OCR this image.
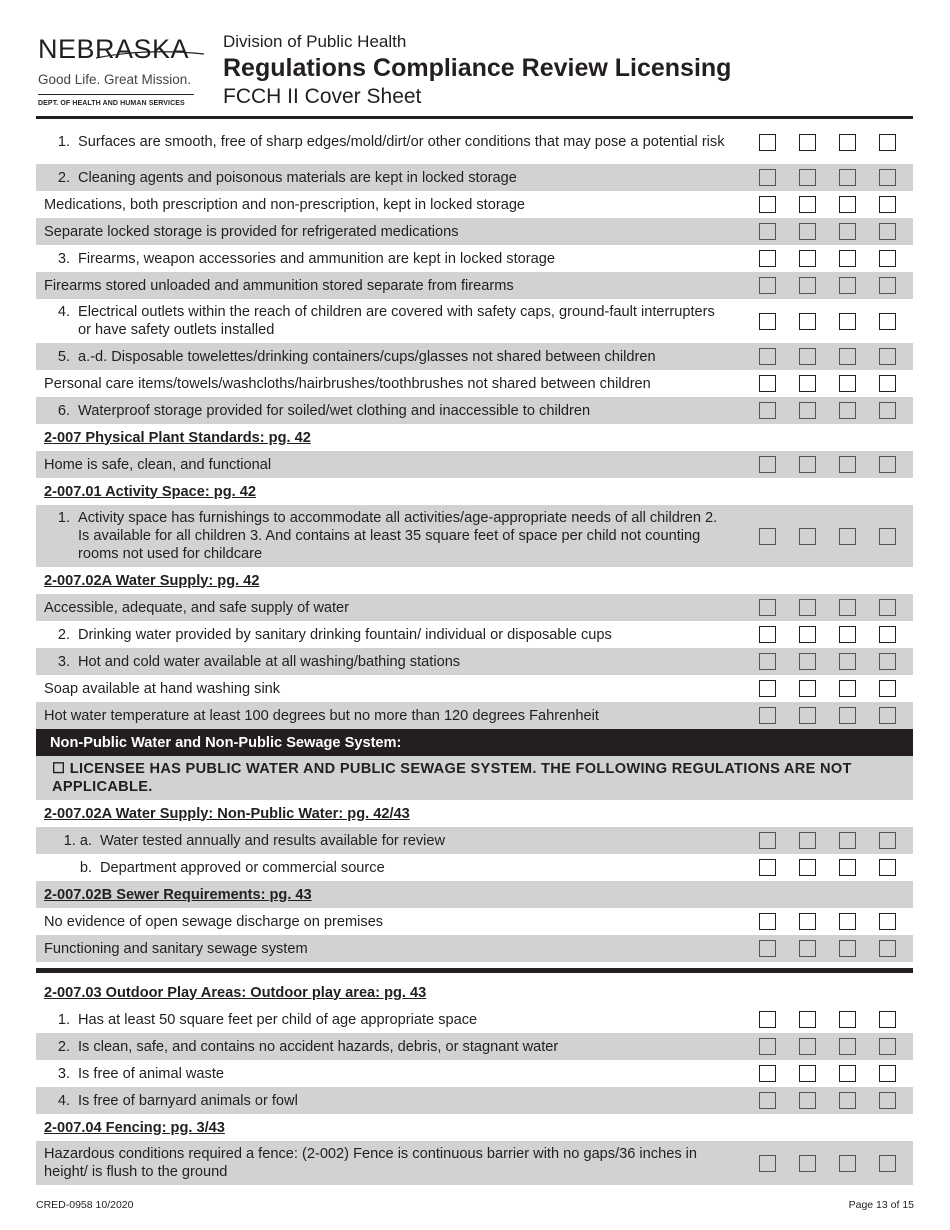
NEBRASKA
Good Life. Great Mission.
DEPT. OF HEALTH AND HUMAN SERVICES
Division of Public Health
Regulations Compliance Review Licensing
FCCH II Cover Sheet
1. Surfaces are smooth, free of sharp edges/mold/dirt/or other conditions that may pose a potential risk
2. Cleaning agents and poisonous materials are kept in locked storage
Medications, both prescription and non-prescription, kept in locked storage
Separate locked storage is provided for refrigerated medications
3. Firearms, weapon accessories and ammunition are kept in locked storage
Firearms stored unloaded and ammunition stored separate from firearms
4. Electrical outlets within the reach of children are covered with safety caps, ground-fault interrupters or have safety outlets installed
5. a.-d. Disposable towelettes/drinking containers/cups/glasses not shared between children
Personal care items/towels/washcloths/hairbrushes/toothbrushes not shared between children
6. Waterproof storage provided for soiled/wet clothing and inaccessible to children
2-007 Physical Plant Standards: pg. 42
Home is safe, clean, and functional
2-007.01 Activity Space: pg. 42
1. Activity space has furnishings to accommodate all activities/age-appropriate needs of all children 2. Is available for all children 3. And contains at least 35 square feet of space per child not counting rooms not used for childcare
2-007.02A Water Supply: pg. 42
Accessible, adequate, and safe supply of water
2. Drinking water provided by sanitary drinking fountain/ individual or disposable cups
3. Hot and cold water available at all washing/bathing stations
Soap available at hand washing sink
Hot water temperature at least 100 degrees but no more than 120 degrees Fahrenheit
Non-Public Water and Non-Public Sewage System:
☐ LICENSEE HAS PUBLIC WATER AND PUBLIC SEWAGE SYSTEM. THE FOLLOWING REGULATIONS ARE NOT APPLICABLE.
2-007.02A Water Supply: Non-Public Water: pg. 42/43
1. a. Water tested annually and results available for review
b. Department approved or commercial source
2-007.02B Sewer Requirements: pg. 43
No evidence of open sewage discharge on premises
Functioning and sanitary sewage system
2-007.03 Outdoor Play Areas: Outdoor play area: pg. 43
1. Has at least 50 square feet per child of age appropriate space
2. Is clean, safe, and contains no accident hazards, debris, or stagnant water
3. Is free of animal waste
4. Is free of barnyard animals or fowl
2-007.04 Fencing: pg. 3/43
Hazardous conditions required a fence: (2-002) Fence is continuous barrier with no gaps/36 inches in height/ is flush to the ground
CRED-0958 10/2020	Page 13 of 15
